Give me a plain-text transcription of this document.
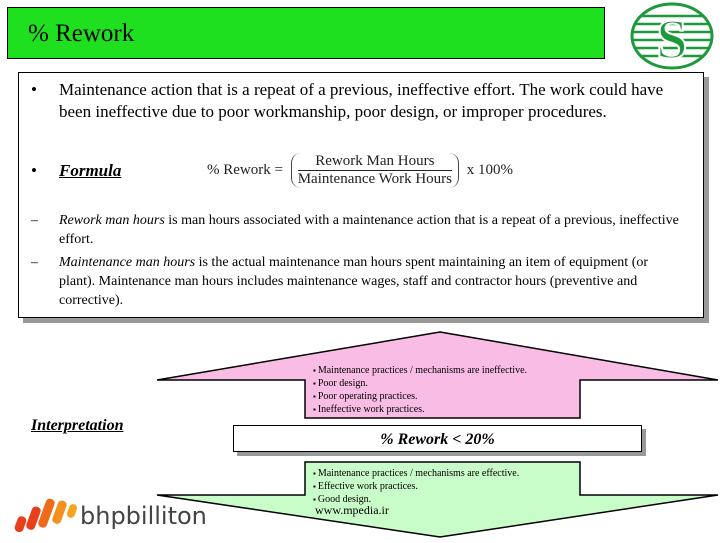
% Rework	S
• Maintenance action that is a repeat of a previous, ineffective effort. The work could have been ineffective due to poor workmanship, poor design, or improper procedures.
• Formula	% Rework = $\frac{\text{Rework Man Hours}}{\text{Maintenance Work Hours}}$ x 100%
– Rework man hours is man hours associated with a maintenance action that is a repeat of a previous, ineffective effort.
– Maintenance man hours is the actual maintenance man hours spent maintaining an item of equipment (or plant). Maintenance man hours includes maintenance wages, staff and contractor hours (preventive and corrective).
▪ Maintenance practices / mechanisms are ineffective.
▪ Poor design.
▪ Poor operating practices.
▪ Ineffective work practices.
Interpretation
% Rework < 20%
▪ Maintenance practices / mechanisms are effective.
▪ Effective work practices.
▪ Good design.
www.mpedia.ir
bhpbilliton
